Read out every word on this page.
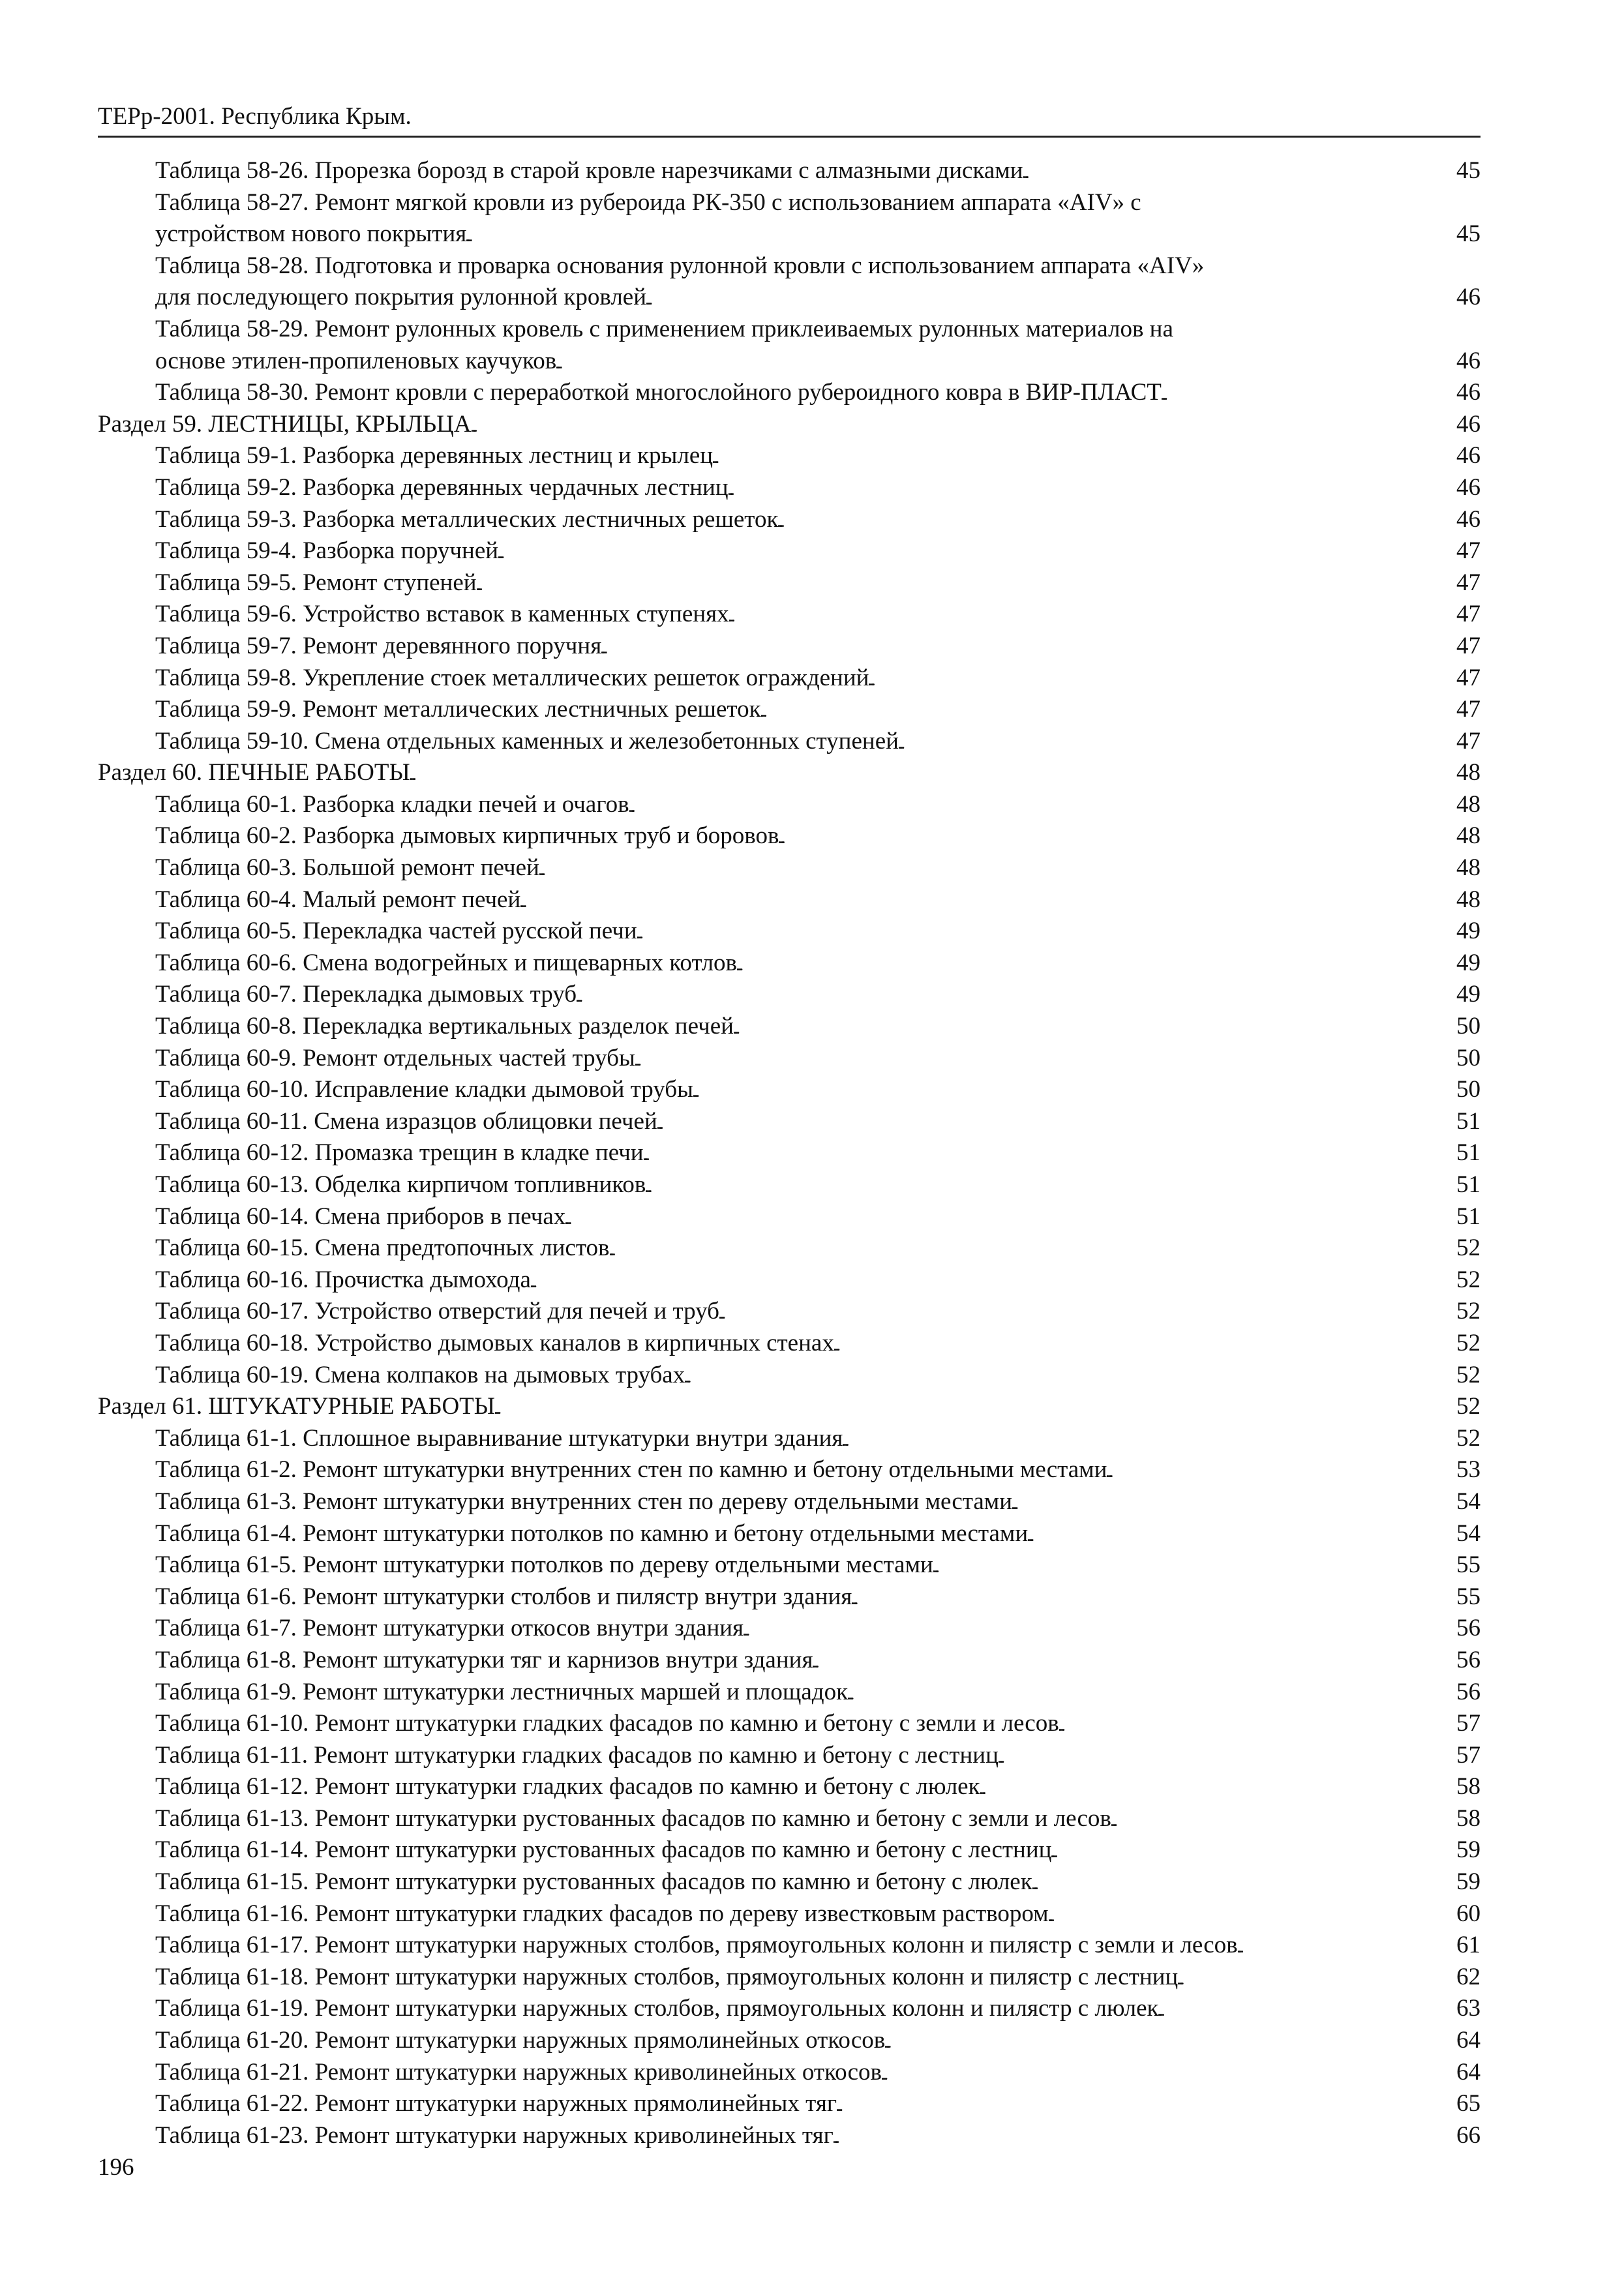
ТЕРр-2001. Республика Крым.
Таблица 58-26. Прорезка борозд в старой кровле нарезчиками с алмазными дисками . . .	45
Таблица 58-27. Ремонт мягкой кровли из рубероида РК-350 с использованием аппарата «AIV» с
устройством нового покрытия . . .	45
Таблица 58-28. Подготовка и проварка основания рулонной кровли с использованием аппарата «AIV»
для последующего покрытия рулонной кровлей . . .	46
Таблица 58-29. Ремонт рулонных кровель с применением приклеиваемых рулонных материалов на
основе этилен-пропиленовых каучуков . . .	46
Таблица 58-30. Ремонт кровли с переработкой многослойного рубероидного ковра в ВИР-ПЛАСТ . . .	46
Раздел 59. ЛЕСТНИЦЫ, КРЫЛЬЦА . . .	46
Таблица 59-1. Разборка деревянных лестниц и крылец . . .	46
Таблица 59-2. Разборка деревянных чердачных лестниц . . .	46
Таблица 59-3. Разборка металлических лестничных решеток . . .	46
Таблица 59-4. Разборка поручней . . .	47
Таблица 59-5. Ремонт ступеней . . .	47
Таблица 59-6. Устройство вставок в каменных ступенях . . .	47
Таблица 59-7. Ремонт деревянного поручня . . .	47
Таблица 59-8. Укрепление стоек металлических решеток ограждений . . .	47
Таблица 59-9. Ремонт металлических лестничных решеток . . .	47
Таблица 59-10. Смена отдельных каменных и железобетонных ступеней . . .	47
Раздел 60. ПЕЧНЫЕ РАБОТЫ . . .	48
Таблица 60-1. Разборка кладки печей и очагов . . .	48
Таблица 60-2. Разборка дымовых кирпичных труб и боровов . . .	48
Таблица 60-3. Большой ремонт печей . . .	48
Таблица 60-4. Малый ремонт печей . . .	48
Таблица 60-5. Перекладка частей русской печи . . .	49
Таблица 60-6. Смена водогрейных и пищеварных котлов . . .	49
Таблица 60-7. Перекладка дымовых труб . . .	49
Таблица 60-8. Перекладка вертикальных разделок печей . . .	50
Таблица 60-9. Ремонт отдельных частей трубы . . .	50
Таблица 60-10. Исправление кладки дымовой трубы . . .	50
Таблица 60-11. Смена изразцов облицовки печей . . .	51
Таблица 60-12. Промазка трещин в кладке печи . . .	51
Таблица 60-13. Обделка кирпичом топливников . . .	51
Таблица 60-14. Смена приборов в печах . . .	51
Таблица 60-15. Смена предтопочных листов . . .	52
Таблица 60-16. Прочистка дымохода . . .	52
Таблица 60-17. Устройство отверстий для печей и труб . . .	52
Таблица 60-18. Устройство дымовых каналов в кирпичных стенах . . .	52
Таблица 60-19. Смена колпаков на дымовых трубах . . .	52
Раздел 61. ШТУКАТУРНЫЕ РАБОТЫ . . .	52
Таблица 61-1. Сплошное выравнивание штукатурки внутри здания . . .	52
Таблица 61-2. Ремонт штукатурки внутренних стен по камню и бетону отдельными местами . . .	53
Таблица 61-3. Ремонт штукатурки внутренних стен по дереву отдельными местами . . .	54
Таблица 61-4. Ремонт штукатурки потолков по камню и бетону отдельными местами . . .	54
Таблица 61-5. Ремонт штукатурки потолков по дереву отдельными местами . . .	55
Таблица 61-6. Ремонт штукатурки столбов и пилястр внутри здания . . .	55
Таблица 61-7. Ремонт штукатурки откосов внутри здания . . .	56
Таблица 61-8. Ремонт штукатурки тяг и карнизов внутри здания . . .	56
Таблица 61-9. Ремонт штукатурки лестничных маршей и площадок . . .	56
Таблица 61-10. Ремонт штукатурки гладких фасадов по камню и бетону с земли и лесов . . .	57
Таблица 61-11. Ремонт штукатурки гладких фасадов по камню и бетону с лестниц . . .	57
Таблица 61-12. Ремонт штукатурки гладких фасадов по камню и бетону с люлек . . .	58
Таблица 61-13. Ремонт штукатурки рустованных фасадов по камню и бетону с земли и лесов . . .	58
Таблица 61-14. Ремонт штукатурки рустованных фасадов по камню и бетону с лестниц . . .	59
Таблица 61-15. Ремонт штукатурки рустованных фасадов по камню и бетону с люлек . . .	59
Таблица 61-16. Ремонт штукатурки гладких фасадов по дереву известковым раствором . . .	60
Таблица 61-17. Ремонт штукатурки наружных столбов, прямоугольных колонн и пилястр с земли и лесов . . .	61
Таблица 61-18. Ремонт штукатурки наружных столбов, прямоугольных колонн и пилястр с лестниц . . .	62
Таблица 61-19. Ремонт штукатурки наружных столбов, прямоугольных колонн и пилястр с люлек . . .	63
Таблица 61-20. Ремонт штукатурки наружных прямолинейных откосов . . .	64
Таблица 61-21. Ремонт штукатурки наружных криволинейных откосов . . .	64
Таблица 61-22. Ремонт штукатурки наружных прямолинейных тяг . . .	65
Таблица 61-23. Ремонт штукатурки наружных криволинейных тяг . . .	66
196
